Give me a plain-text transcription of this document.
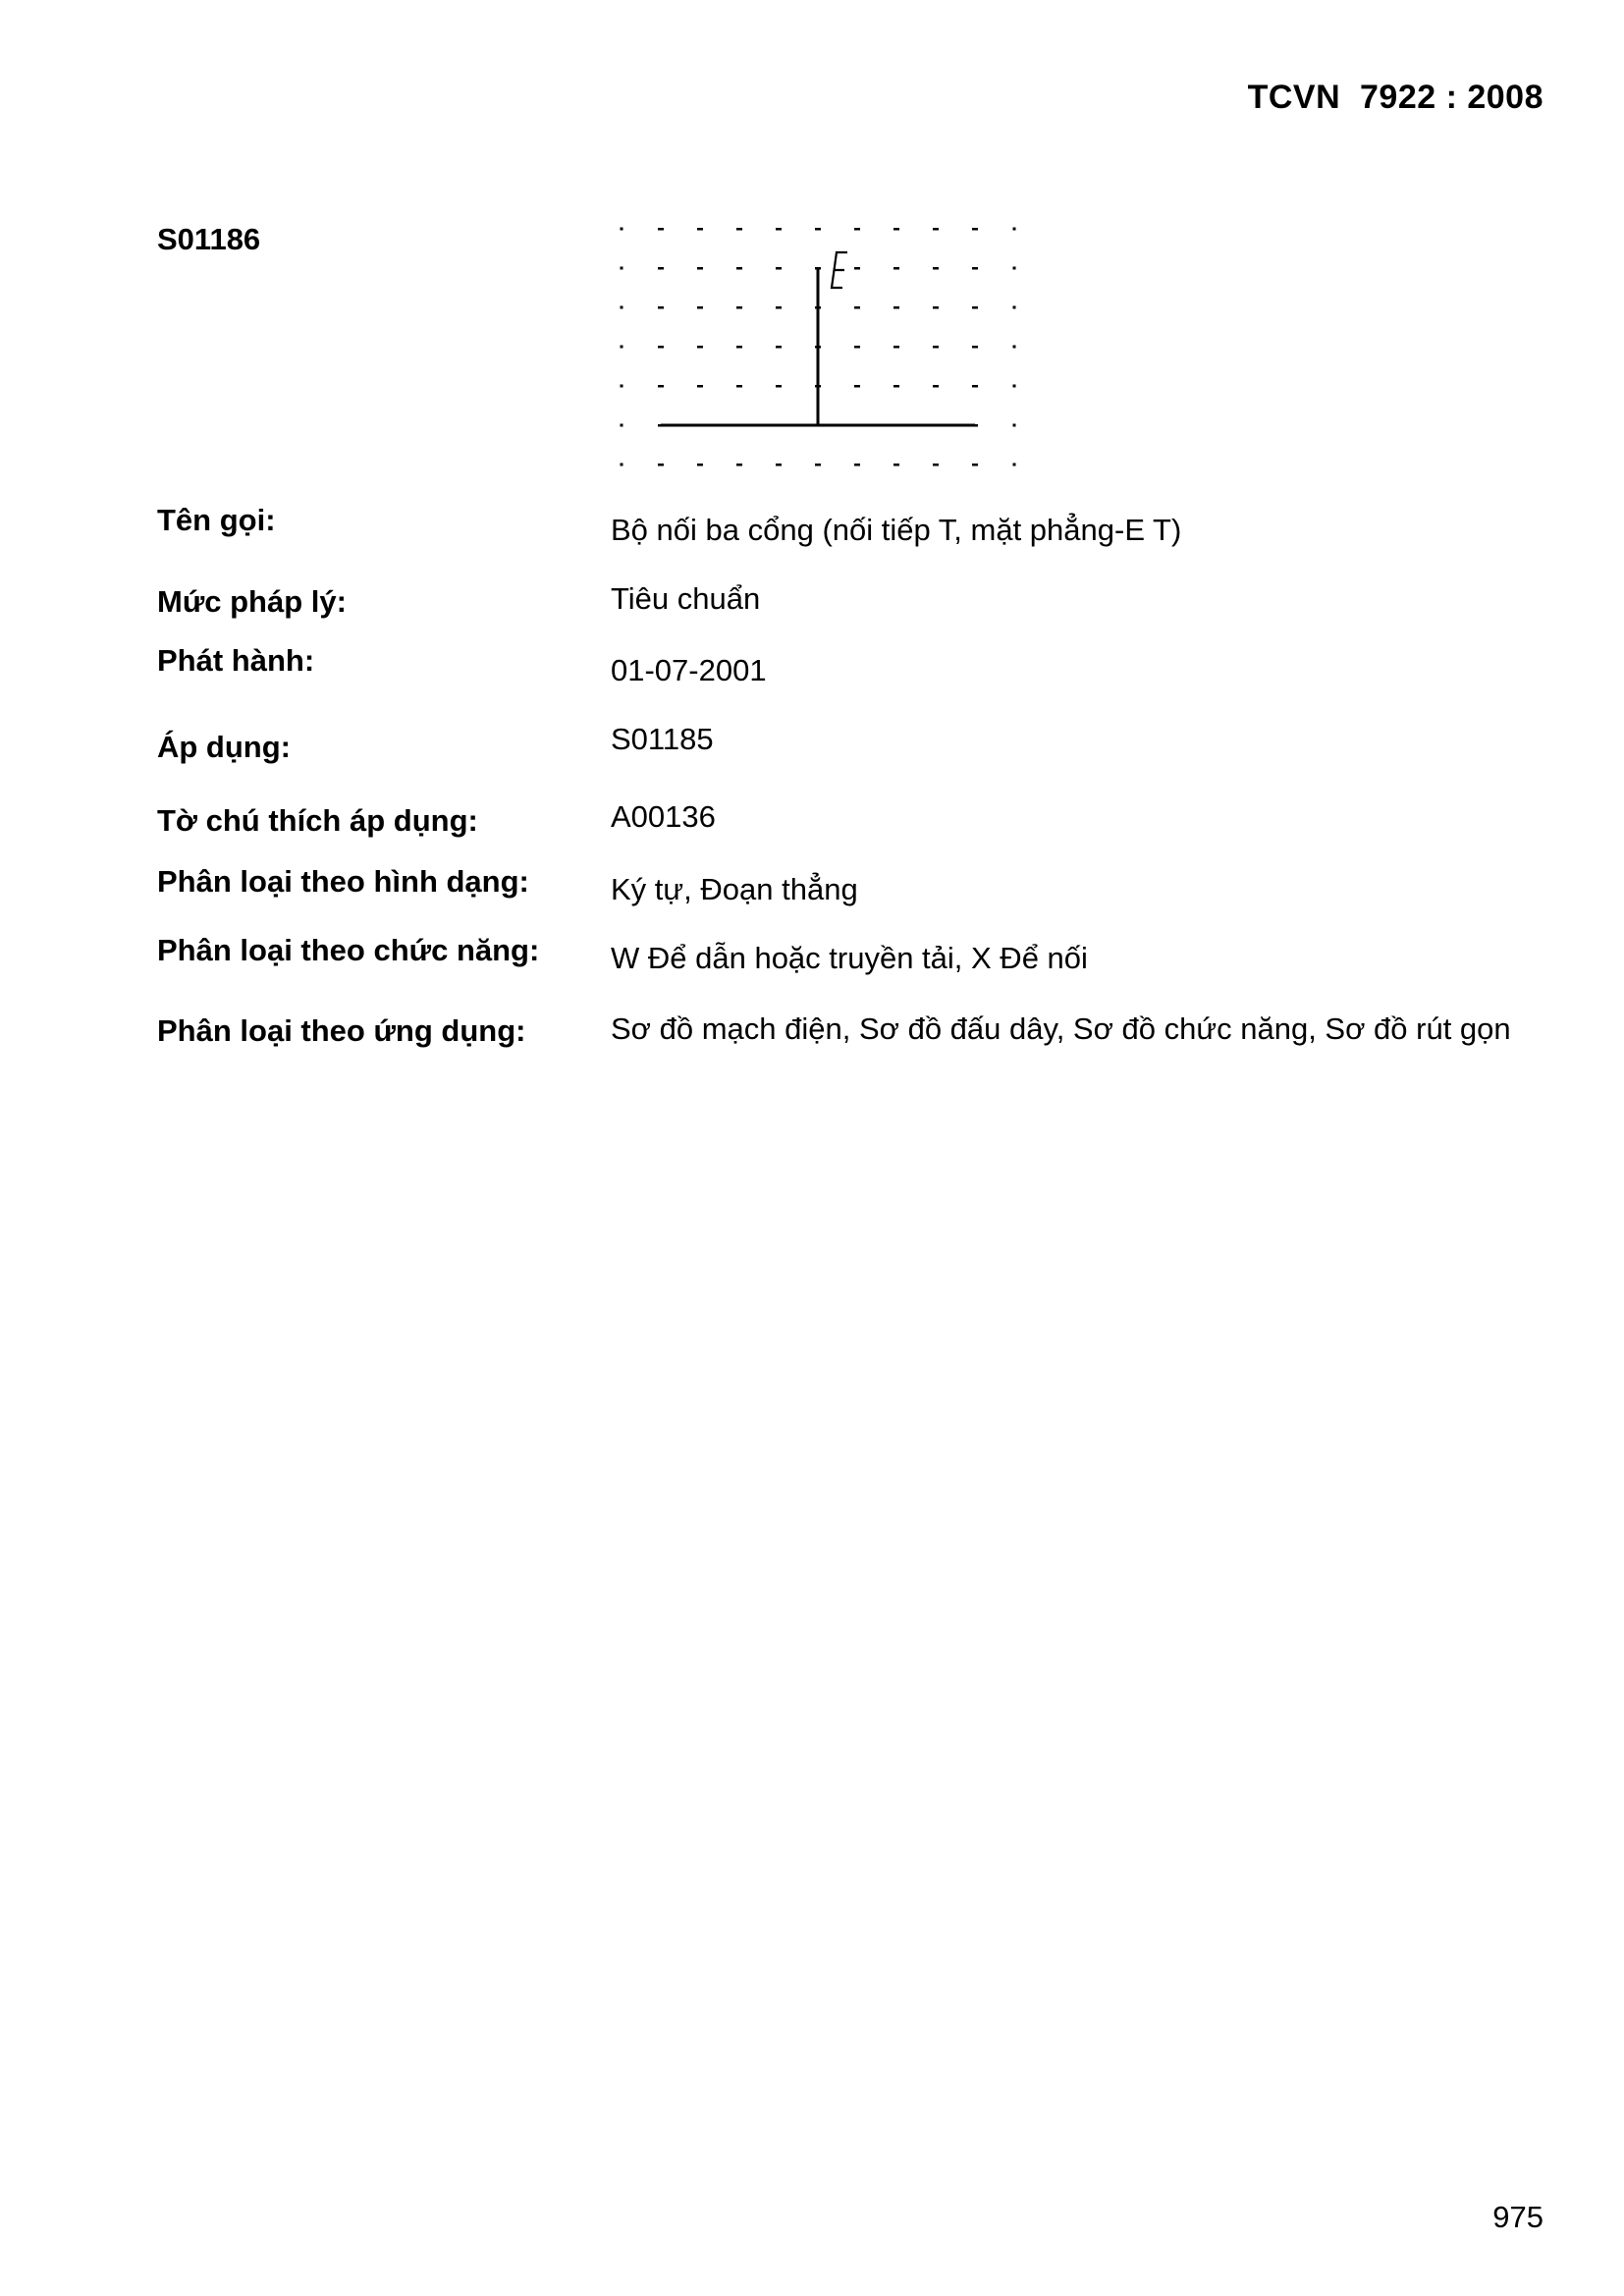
TCVN  7922 : 2008
S01186
Tên gọi:	Bộ nối ba cổng (nối tiếp T, mặt phẳng-E T)
Mức pháp lý:	Tiêu chuẩn
Phát hành:	01-07-2001
Áp dụng:	S01185
Tờ chú thích áp dụng:	A00136
Phân loại theo hình dạng:	Ký tự, Đoạn thẳng
Phân loại theo chức năng: W Để dẫn hoặc truyền tải, X Để nối
Phân loại theo ứng dụng:	Sơ đồ mạch điện, Sơ đồ đấu dây, Sơ đồ chức năng, Sơ đồ rút gọn
975
